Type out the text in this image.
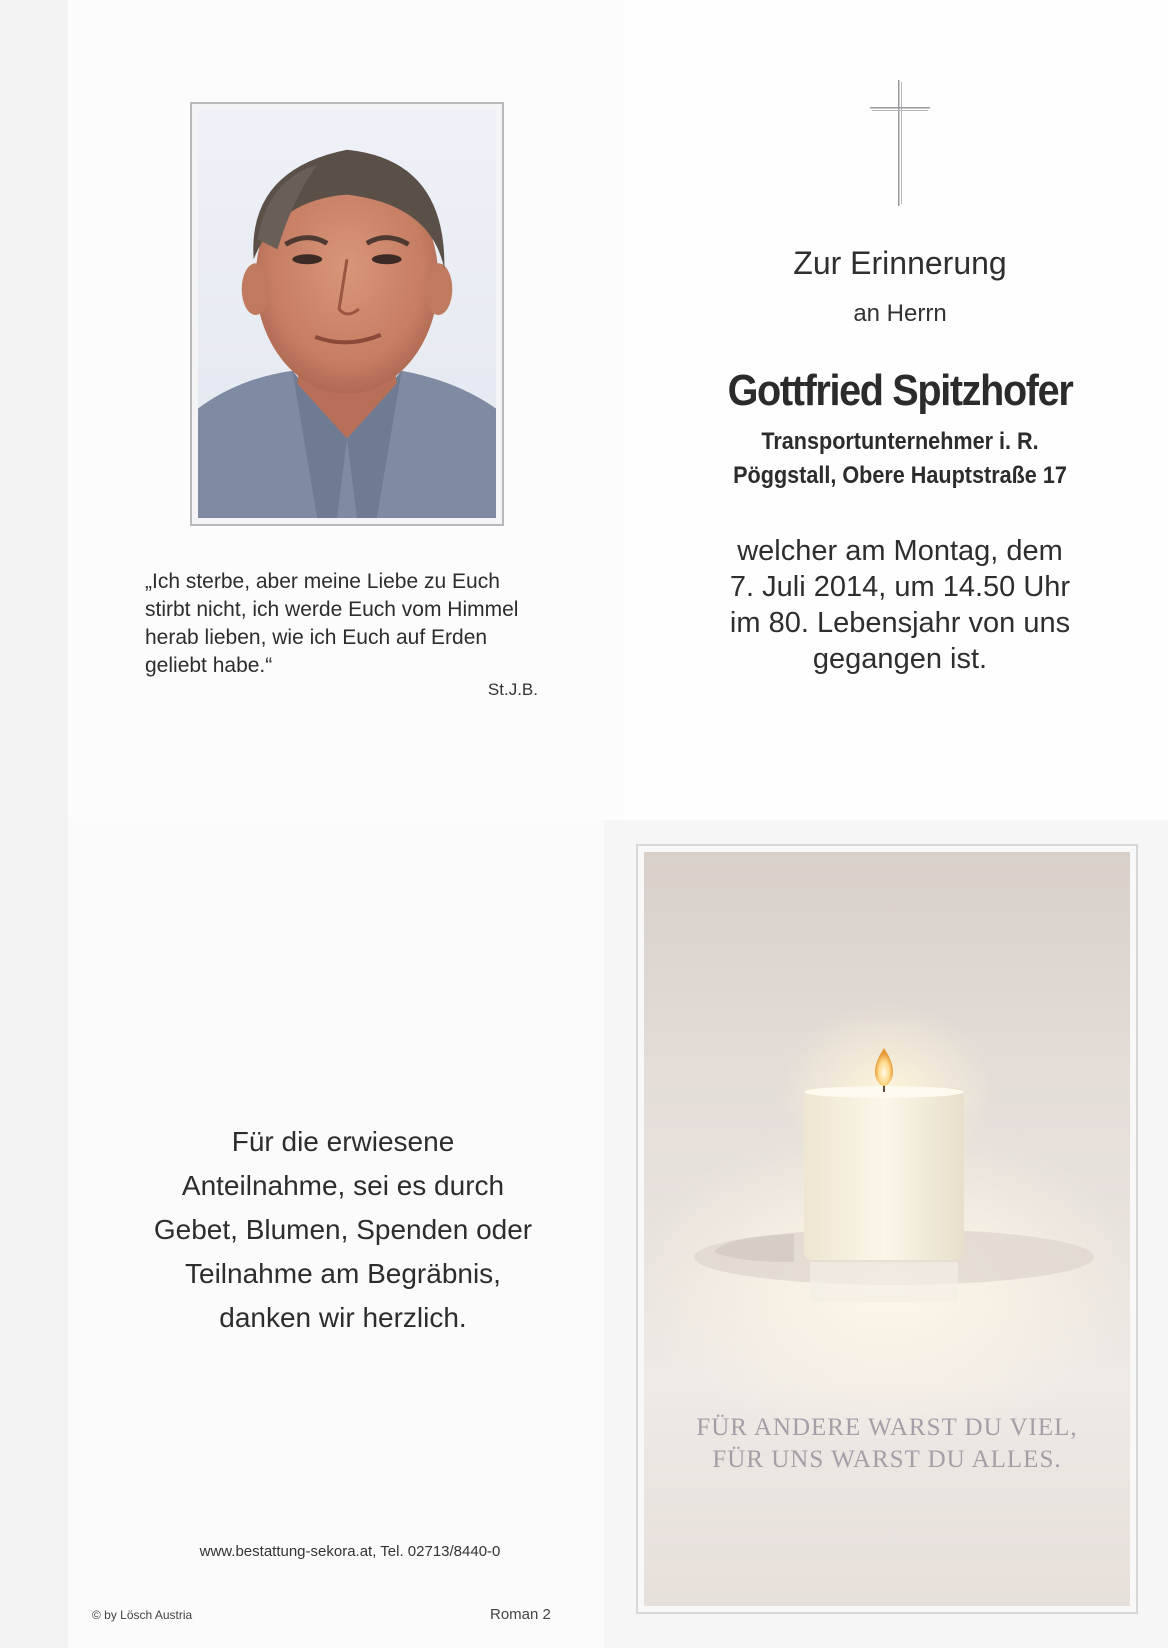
„Ich sterbe, aber meine Liebe zu Euch
stirbt nicht, ich werde Euch vom Himmel
herab lieben, wie ich Euch auf Erden
geliebt habe.“
St.J.B.
Zur Erinnerung
an Herrn
Gottfried Spitzhofer
Transportunternehmer i. R.
Pöggstall, Obere Hauptstraße 17
welcher am Montag, dem
7. Juli 2014, um 14.50 Uhr
im 80. Lebensjahr von uns
gegangen ist.
Für die erwiesene
Anteilnahme, sei es durch
Gebet, Blumen, Spenden oder
Teilnahme am Begräbnis,
danken wir herzlich.
www.bestattung-sekora.at, Tel. 02713/8440-0
© by Lösch Austria	Roman 2
FÜR ANDERE WARST DU VIEL,
FÜR UNS WARST DU ALLES.
